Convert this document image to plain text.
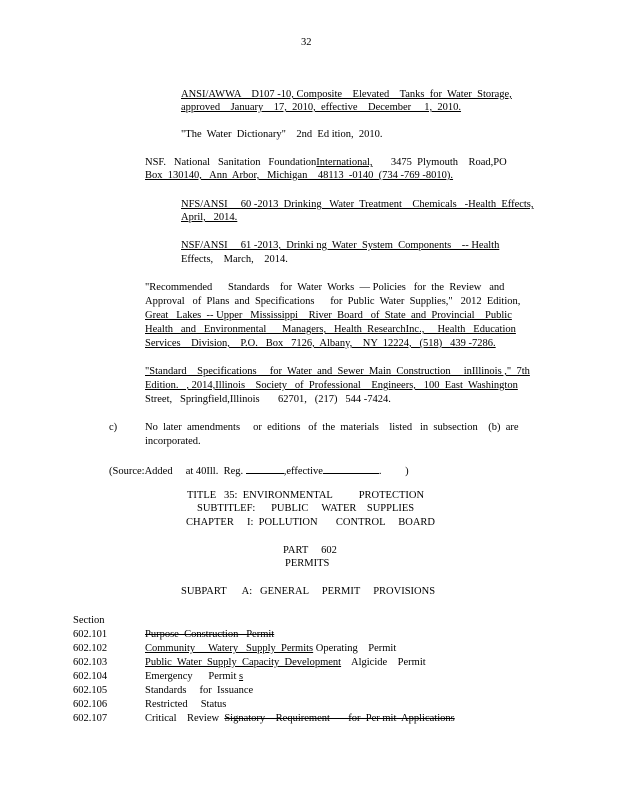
32
ANSI/AWWA    D107 -10, Composite    Elevated    Tanks  for  Water  Storage,
approved    January    17,  2010,  effective    December     1,  2010.
"The  Water  Dictionary"    2nd  Ed ition,  2010.
NSF.   National   Sanitation   FoundationInternational, 3475  Plymouth    Road,PO
Box  130140,   Ann  Arbor,   Michigan    48113  -0140  (734 -769 -8010).
NFS/ANSI     60 -2013  Drinking   Water  Treatment    Chemicals   -Health  Effects,
April,   2014.
NSF/ANSI     61 -2013,  Drinki ng  Water  System  Components    -- Health
Effects,    March,    2014.
"Recommended      Standards    for  Water  Works  — Policies   for  the  Review   and
Approval   of  Plans  and  Specifications for  Public  Water  Supplies,"   2012  Edition,
Great   Lakes  -- Upper   Mississippi    River  Board   of  State  and  Provincial    Public
Health   and   Environmental      Managers,   Health  ResearchInc.,     Health   Education
Services    Division,    P.O.   Box   7126,  Albany,    NY  12224,   (518)   439 -7286.
"Standard    Specifications     for  Water  and  Sewer  Main  Construction     inIllinois ,"  7th
Edition.   , 2014,Illinois    Society   of  Professional    Engineers,   100  East  Washington
Street,   Springfield,Illinois       62701,   (217)   544 -7424.
c)	No  later  amendments     or  editions   of  the  materials    listed   in  subsection    (b)  are
incorporated.
(Source:Added     at 40Ill.  Reg.	,effective	.         )
TITLE   35:  ENVIRONMENTAL          PROTECTION
SUBTITLEF:      PUBLIC     WATER    SUPPLIES
CHAPTER     I:  POLLUTION       CONTROL     BOARD
PART     602
PERMITS
SUBPART      A:   GENERAL     PERMIT     PROVISIONS
Section
602.101	Purpose  Construction   Permit
602.102	Community     Watery   Supply  Permits Operating    Permit
602.103	Public  Water  Supply  Capacity  Development    Algicide    Permit
602.104	Emergency      Permit s
602.105	Standards     for  Issuance
602.106	Restricted     Status
602.107	Critical    Review  Signatory    Requirement       for  Per mit  Applications
